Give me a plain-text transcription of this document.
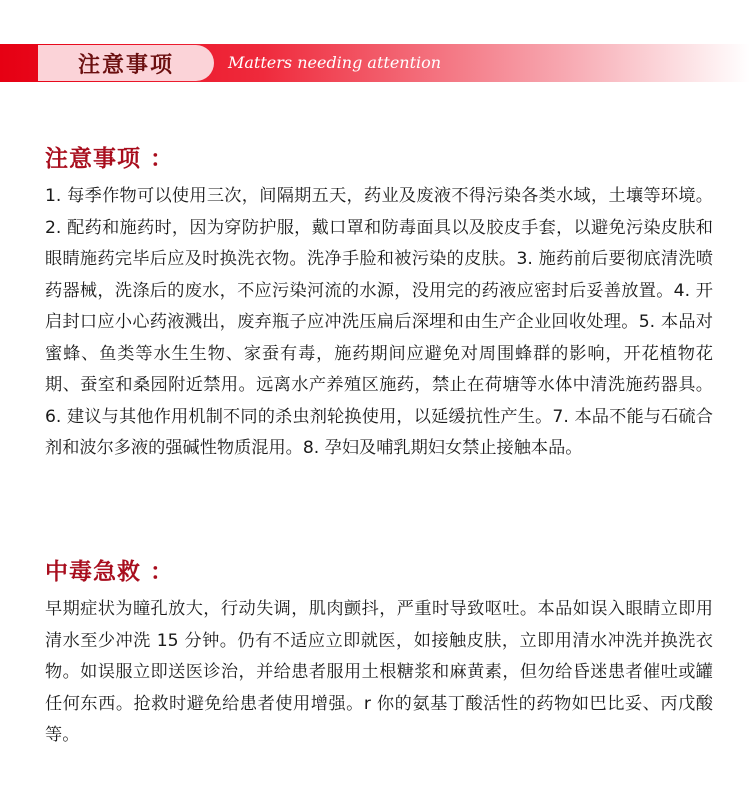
注意事项	Matters needing attention
注意事项 ：

1. 每季作物可以使用三次，间隔期五天，药业及废液不得污染各类水域，土壤等环境。2. 配药和施药时，因为穿防护服，戴口罩和防毒面具以及胶皮手套，以避免污染皮肤和眼睛施药完毕后应及时换洗衣物。洗净手脸和被污染的皮肤。3. 施药前后要彻底清洗喷药器械，洗涤后的废水，不应污染河流的水源，没用完的药液应密封后妥善放置。4. 开启封口应小心药液溅出，废弃瓶子应冲洗压扁后深埋和由生产企业回收处理。5. 本品对蜜蜂、鱼类等水生生物、家蚕有毒，施药期间应避免对周围蜂群的影响，开花植物花期、蚕室和桑园附近禁用。远离水产养殖区施药，禁止在荷塘等水体中清洗施药器具。6. 建议与其他作用机制不同的杀虫剂轮换使用，以延缓抗性产生。7. 本品不能与石硫合剂和波尔多液的强碱性物质混用。8. 孕妇及哺乳期妇女禁止接触本品。

中毒急救 ：

早期症状为瞳孔放大，行动失调，肌肉颤抖，严重时导致呕吐。本品如误入眼睛立即用清水至少冲洗 15 分钟。仍有不适应立即就医，如接触皮肤，立即用清水冲洗并换洗衣物。如误服立即送医诊治，并给患者服用土根糖浆和麻黄素，但勿给昏迷患者催吐或罐任何东西。抢救时避免给患者使用增强。r 你的氨基丁酸活性的药物如巴比妥、丙戊酸等。
